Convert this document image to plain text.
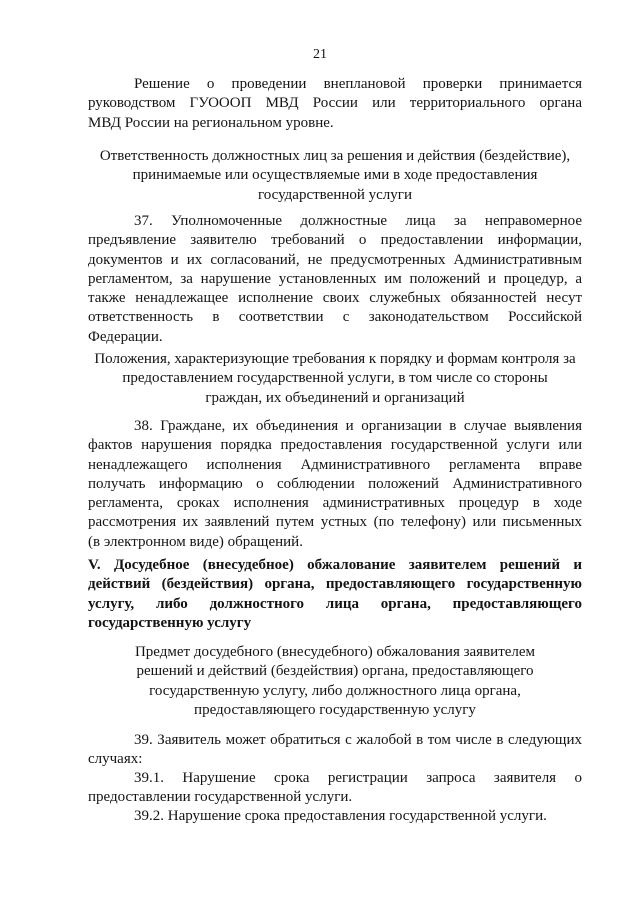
21
Решение о проведении внеплановой проверки принимается
руководством ГУОООП МВД России или территориального органа
МВД России на региональном уровне.
Ответственность должностных лиц за решения и действия (бездействие),
принимаемые или осуществляемые ими в ходе предоставления
государственной услуги
37. Уполномоченные должностные лица за неправомерное
предъявление заявителю требований о предоставлении информации,
документов и их согласований, не предусмотренных Административным
регламентом, за нарушение установленных им положений и процедур, а
также ненадлежащее исполнение своих служебных обязанностей несут
ответственность в соответствии с законодательством Российской
Федерации.
Положения, характеризующие требования к порядку и формам контроля за
предоставлением государственной услуги, в том числе со стороны
граждан, их объединений и организаций
38. Граждане, их объединения и организации в случае выявления
фактов нарушения порядка предоставления государственной услуги или
ненадлежащего исполнения Административного регламента вправе
получать информацию о соблюдении положений Административного
регламента, сроках исполнения административных процедур в ходе
рассмотрения их заявлений путем устных (по телефону) или письменных
(в электронном виде) обращений.
V. Досудебное (внесудебное) обжалование заявителем решений и
действий (бездействия) органа, предоставляющего государственную
услугу, либо должностного лица органа, предоставляющего
государственную услугу
Предмет досудебного (внесудебного) обжалования заявителем
решений и действий (бездействия) органа, предоставляющего
государственную услугу, либо должностного лица органа,
предоставляющего государственную услугу
39. Заявитель может обратиться с жалобой в том числе в следующих
случаях:
39.1. Нарушение срока регистрации запроса заявителя о
предоставлении государственной услуги.
39.2. Нарушение срока предоставления государственной услуги.
